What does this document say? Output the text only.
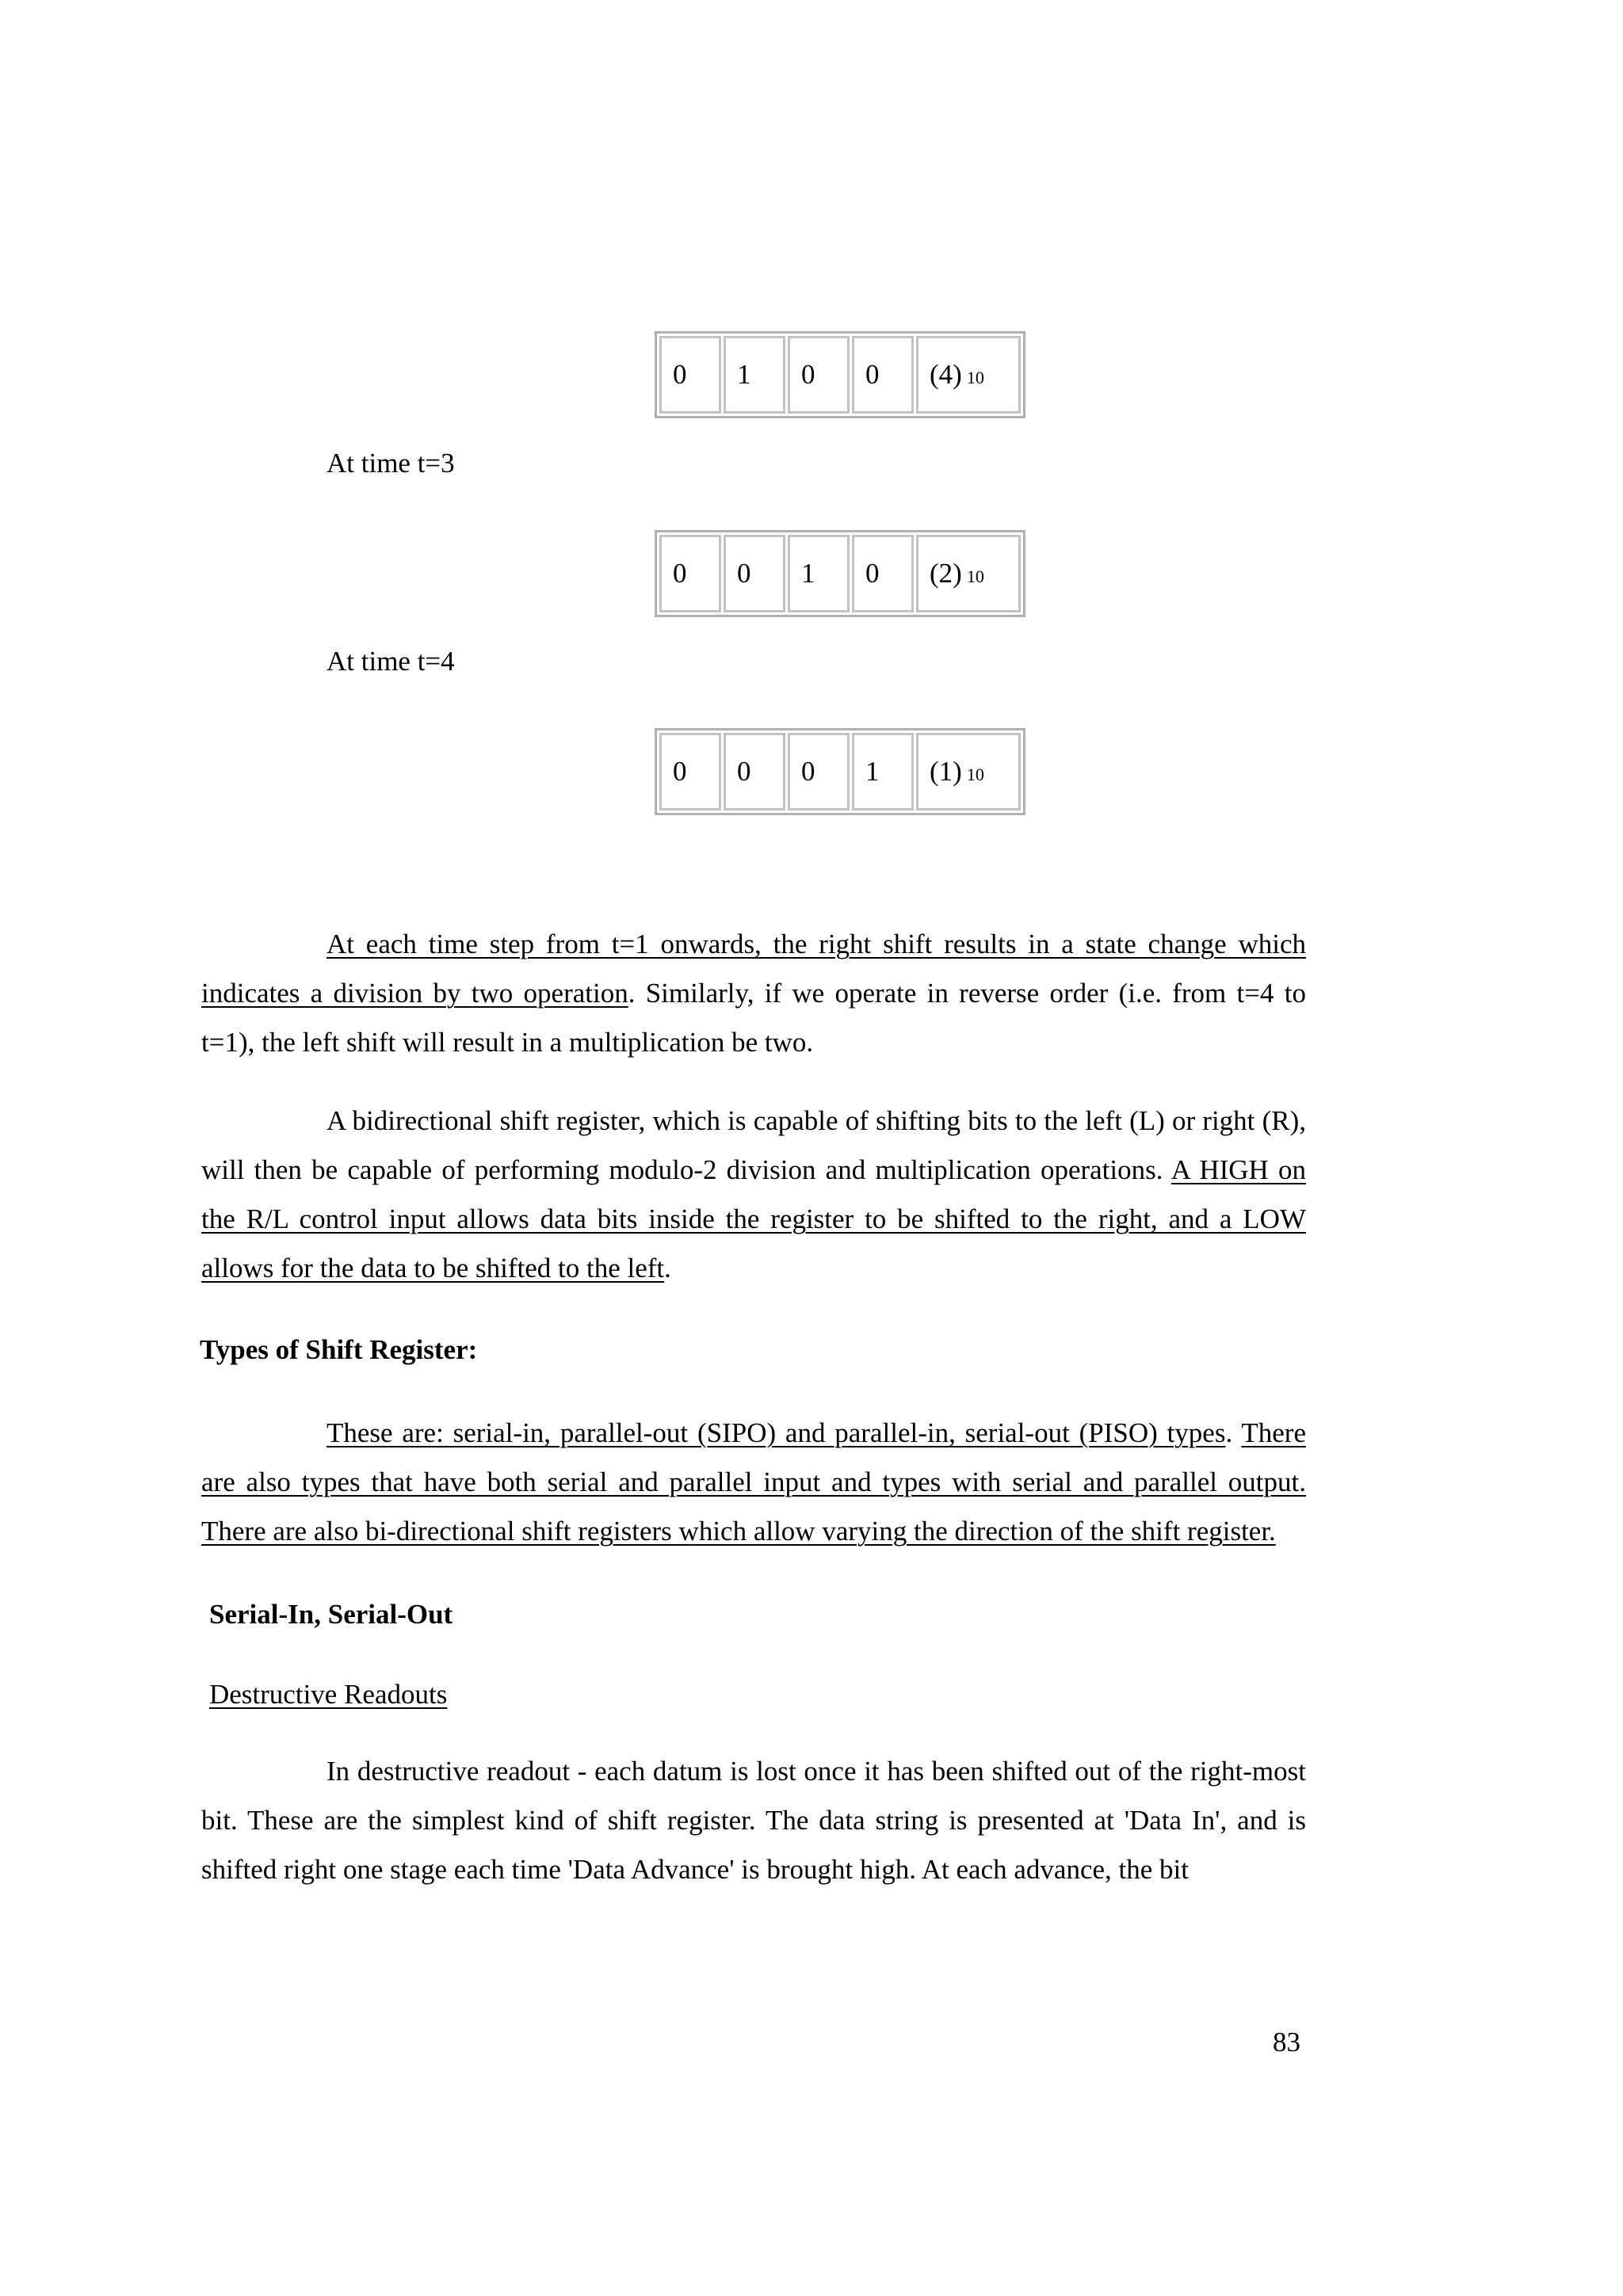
0	1	0	0	(4) 10
At time t=3
0	0	1	0	(2) 10
At time t=4
0	0	0	1	(1) 10

At each time step from t=1 onwards, the right shift results in a state change which indicates a division by two operation. Similarly, if we operate in reverse order (i.e. from t=4 to t=1), the left shift will result in a multiplication be two.

A bidirectional shift register, which is capable of shifting bits to the left (L) or right (R), will then be capable of performing modulo-2 division and multiplication operations. A HIGH on the R/L control input allows data bits inside the register to be shifted to the right, and a LOW allows for the data to be shifted to the left.

Types of Shift Register:

These are: serial-in, parallel-out (SIPO) and parallel-in, serial-out (PISO) types. There are also types that have both serial and parallel input and types with serial and parallel output. There are also bi-directional shift registers which allow varying the direction of the shift register.

Serial-In, Serial-Out
Destructive Readouts

In destructive readout - each datum is lost once it has been shifted out of the right-most bit. These are the simplest kind of shift register. The data string is presented at 'Data In', and is shifted right one stage each time 'Data Advance' is brought high. At each advance, the bit

83
